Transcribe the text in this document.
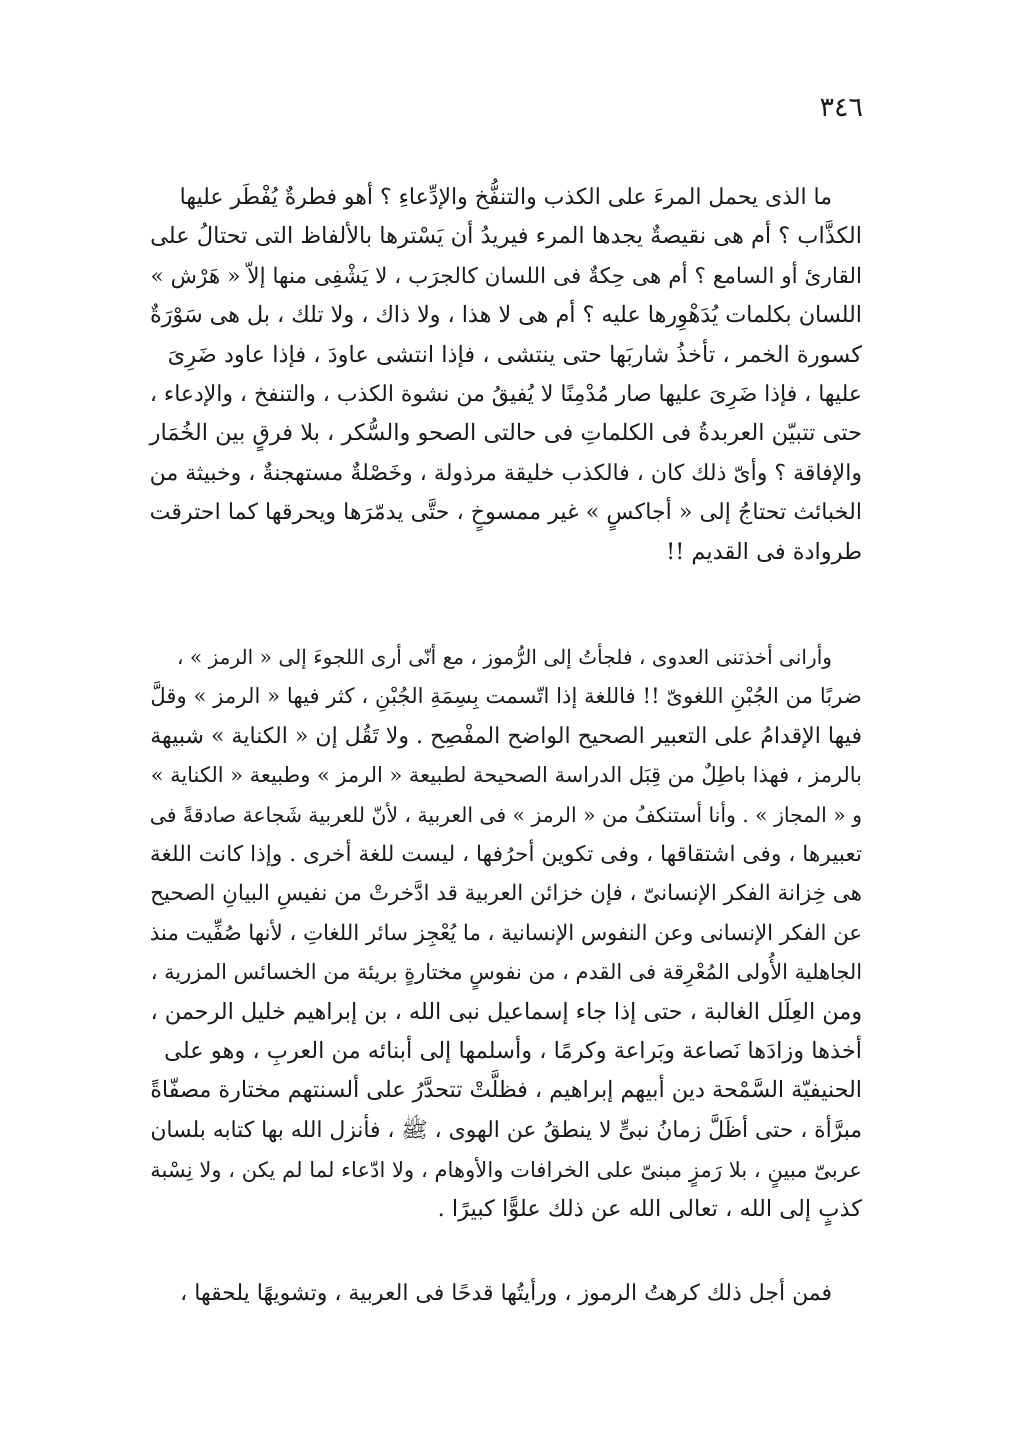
٣٤٦
ما الذى يحمل المرءَ على الكذب والتنفُّخ والإدِّعاءِ ؟ أهو فطرةٌ يُفْطَر عليها
الكذَّاب ؟ أم هى نقيصةٌ يجدها المرء فيريدُ أن يَسْترها بالألفاظ التى تحتالُ على
القارئ أو السامع ؟ أم هى حِكةٌ فى اللسان كالجرَب ، لا يَشْفِى منها إلاّ « هَرْش »
اللسان بكلمات يُدَهْوِرها عليه ؟ أم هى لا هذا ، ولا ذاك ، ولا تلك ، بل هى سَوْرَةٌ
كسورة الخمر ، تأخذُ شاربَها حتى ينتشى ، فإذا انتشى عاودَ ، فإذا عاود ضَرِىَ
عليها ، فإذا ضَرِىَ عليها صار مُدْمِنًا لا يُفيقُ من نشوة الكذب ، والتنفخ ، والإدعاء ،
حتى تتبيّن العربدةُ فى الكلماتِ فى حالتى الصحو والسُّكر ، بلا فرقٍ بين الخُمَار
والإفاقة ؟ وأىّ ذلك كان ، فالكذب خليقة مرذولة ، وخَصْلةٌ مستهجنةٌ ، وخبيثة من
الخبائث تحتاجُ إلى « أجاكسٍ » غير ممسوخٍ ، حتَّى يدمّرَها ويحرقها كما احترقت
طروادة فى القديم !!
وأرانى أخذتنى العدوى ، فلجأتُ إلى الرُّموز ، مع أنّى أرى اللجوءَ إلى « الرمز » ،
ضربًا من الجُبْنِ اللغوىّ !! فاللغة إذا اتّسمت بِسِمَةِ الجُبْنِ ، كثر فيها « الرمز » وقلَّ
فيها الإقدامُ على التعبير الصحيح الواضح المفْصِح . ولا تَقُل إن « الكناية » شبيهة
بالرمز ، فهذا باطِلٌ من قِبَل الدراسة الصحيحة لطبيعة « الرمز » وطبيعة « الكناية »
و « المجاز » . وأنا أستنكفُ من « الرمز » فى العربية ، لأنّ للعربية شَجاعة صادقةً فى
تعبيرها ، وفى اشتقاقها ، وفى تكوين أحرُفها ، ليست للغة أخرى . وإذا كانت اللغة
هى خِزانة الفكر الإنسانىّ ، فإن خزائن العربية قد ادَّخرتْ من نفيسِ البيانِ الصحيح
عن الفكر الإنسانى وعن النفوس الإنسانية ، ما يُعْجِز سائر اللغاتِ ، لأنها صُفِّيت منذ
الجاهلية الأُولى المُعْرِقة فى القدم ، من نفوسٍ مختارةٍ بريئة من الخسائس المزرية ،
ومن العِلَل الغالبة ، حتى إذا جاء إسماعيل نبى الله ، بن إبراهيم خليل الرحمن ،
أخذها وزادَها نَصاعة وبَراعة وكرمًا ، وأسلمها إلى أبنائه من العربِ ، وهو على
الحنيفيّة السَّمْحة دين أبيهم إبراهيم ، فظلَّتْ تتحدَّرُ على ألسنتهم مختارة مصفّاةً
مبرَّأة ، حتى أظَلَّ زمانُ نبىٍّ لا ينطقُ عن الهوى ، ﷺ ، فأنزل الله بها كتابه بلسان
عربىّ مبينٍ ، بلا رَمزٍ مبنىّ على الخرافات والأوهام ، ولا ادّعاء لما لم يكن ، ولا نِسْبة
كذبٍ إلى الله ، تعالى الله عن ذلك علوًّا كبيرًا .
فمن أجل ذلك كرهتُ الرموز ، ورأيتُها قدحًا فى العربية ، وتشويهًا يلحقها ،
